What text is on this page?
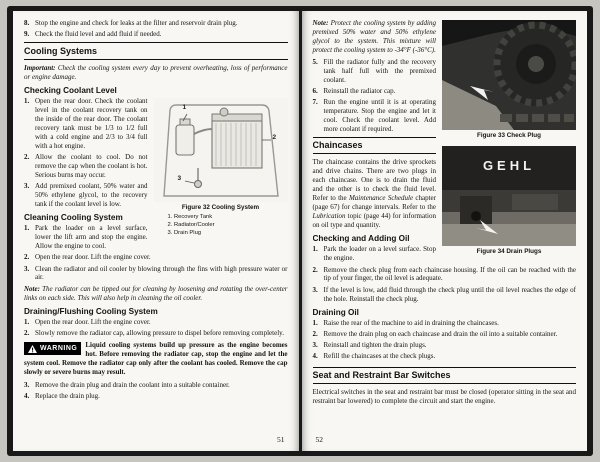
8. Stop the engine and check for leaks at the filter and reservoir drain plug.
9. Check the fluid level and add fluid if needed.
Cooling Systems

Important: Check the cooling system every day to prevent overheating, loss of performance or engine damage.

Checking Coolant Level
1
2
3
Figure 32 Cooling System
1. Recovery Tank
2. Radiator/Cooler
3. Drain Plug
1. Open the rear door. Check the coolant level in the coolant recovery tank on the inside of the rear door. The coolant recovery tank must be 1/3 to 1/2 full with a cold engine and 2/3 to 3/4 full with a hot engine.
2. Allow the coolant to cool. Do not remove the cap when the coolant is hot. Serious burns may occur.
3. Add premixed coolant, 50% water and 50% ethylene glycol, to the recovery tank if the coolant level is low.
Cleaning Cooling System
1. Park the loader on a level surface, lower the lift arm and stop the engine. Allow the engine to cool.
2. Open the rear door. Lift the engine cover.
3. Clean the radiator and oil cooler by blowing through the fins with high pressure water or air.

Note: The radiator can be tipped out for cleaning by loosening and rotating the over-center links on each side. This will also help in cleaning the oil cooler.

Draining/Flushing Cooling System
1. Open the rear door. Lift the engine cover.
2. Slowly remove the radiator cap, allowing pressure to dispel before removing completely.
WARNING Liquid cooling systems build up pressure as the engine becomes hot. Before removing the radiator cap, stop the engine and let the system cool. Remove the radiator cap only after the coolant has cooled. Remove the cap slowly or severe burns may result.
3. Remove the drain plug and drain the coolant into a suitable container.
4. Replace the drain plug.
51
Figure 33 Check Plug
GEHL
Figure 34 Drain Plugs

Note: Protect the cooling system by adding premixed 50% water and 50% ethylene glycol to the system. This mixture will protect the cooling system to -34°F (-36°C).

5. Fill the radiator fully and the recovery tank half full with the premixed coolant.
6. Reinstall the radiator cap.
7. Run the engine until it is at operating temperature. Stop the engine and let it cool. Check the coolant level. Add more coolant if required.
Chaincases

The chaincase contains the drive sprockets and drive chains. There are two plugs in each chaincase. One is to drain the fluid and the other is to check the fluid level. Refer to the Maintenance Schedule chapter (page 67) for change intervals. Refer to the Lubrication topic (page 44) for information on oil type and quantity.

Checking and Adding Oil
1. Park the loader on a level surface. Stop the engine.
2. Remove the check plug from each chaincase housing. If the oil can be reached with the tip of your finger, the oil level is adequate.
3. If the level is low, add fluid through the check plug until the oil level reaches the edge of the hole. Reinstall the check plug.
Draining Oil
1. Raise the rear of the machine to aid in draining the chaincases.
2. Remove the drain plug on each chaincase and drain the oil into a suitable container.
3. Reinstall and tighten the drain plugs.
4. Refill the chaincases at the check plugs.
Seat and Restraint Bar Switches

Electrical switches in the seat and restraint bar must be closed (operator sitting in the seat and restraint bar lowered) to complete the circuit and start the engine.

52
